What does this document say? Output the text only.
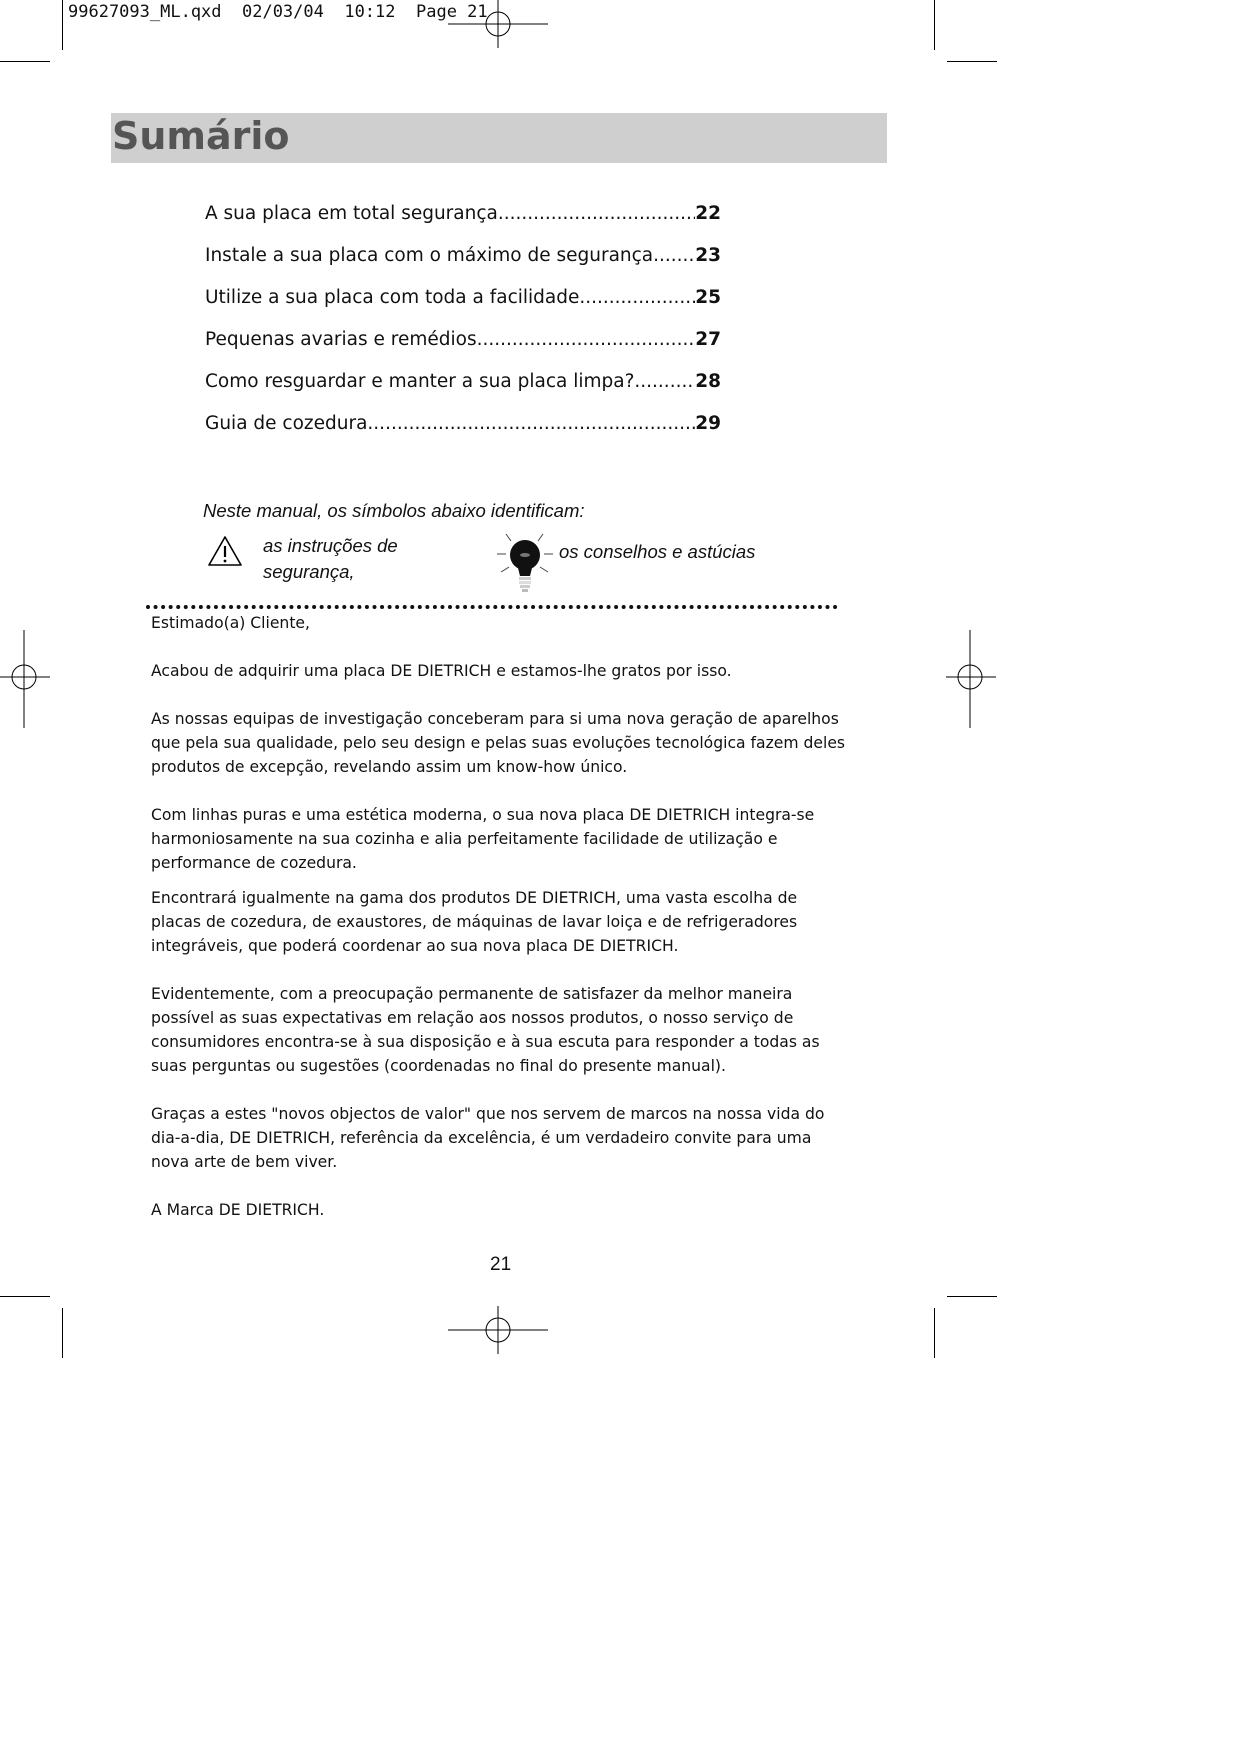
99627093_ML.qxd  02/03/04  10:12  Page 21
Sumário
A sua placa em total segurança .....	22
Instale a sua placa com o máximo de segurança ..... 23
Utilize a sua placa com toda a facilidade .....	25
Pequenas avarias e remédios .....	27
Como resguardar e manter a sua placa limpa? .....	28
Guia de cozedura .....	29
Neste manual, os símbolos abaixo identificam:
as instruções de
segurança,
os conselhos e astúcias
Estimado(a) Cliente,
Acabou de adquirir uma placa DE DIETRICH e estamos-lhe gratos por isso.
As nossas equipas de investigação conceberam para si uma nova geração de aparelhos que pela sua qualidade, pelo seu design e pelas suas evoluções tecnológica fazem deles produtos de excepção, revelando assim um know-how único.
Com linhas puras e uma estética moderna, o sua nova placa DE DIETRICH integra-se harmoniosamente na sua cozinha e alia perfeitamente facilidade de utilização e performance de cozedura.
Encontrará igualmente na gama dos produtos DE DIETRICH, uma vasta escolha de placas de cozedura, de exaustores, de máquinas de lavar loiça e de refrigeradores integráveis, que poderá coordenar ao sua nova placa DE DIETRICH.
Evidentemente, com a preocupação permanente de satisfazer da melhor maneira possível as suas expectativas em relação aos nossos produtos, o nosso serviço de consumidores encontra-se à sua disposição e à sua escuta para responder a todas as suas perguntas ou sugestões (coordenadas no final do presente manual).
Graças a estes "novos objectos de valor" que nos servem de marcos na nossa vida do dia-a-dia, DE DIETRICH, referência da excelência, é um verdadeiro convite para uma nova arte de bem viver.
A Marca DE DIETRICH.
21
